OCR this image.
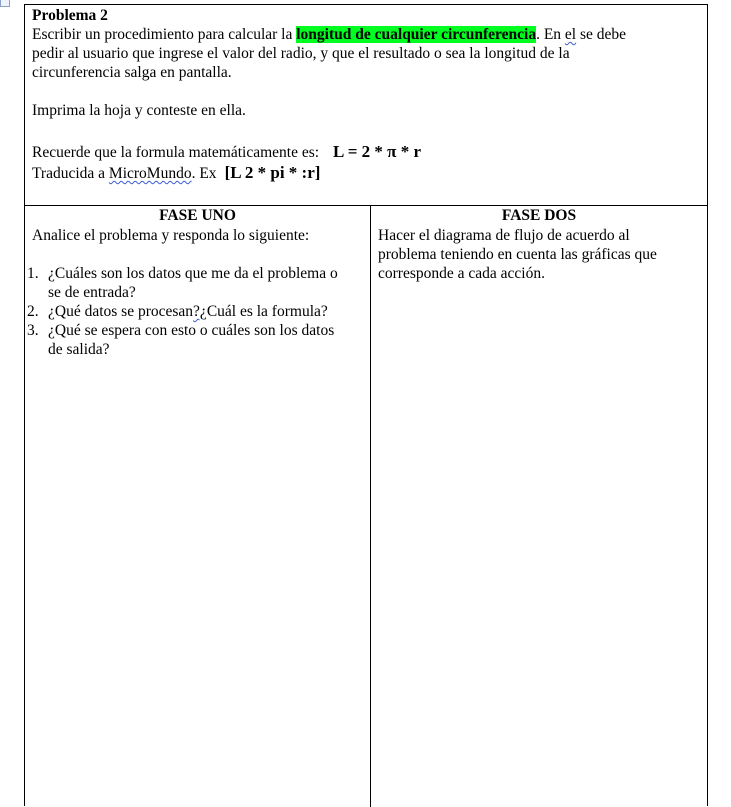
Problema 2
Escribir un procedimiento para calcular la longitud de cualquier circunferencia. En el se debe
pedir al usuario que ingrese el valor del radio, y que el resultado o sea la longitud de la
circunferencia salga en pantalla.
Imprima la hoja y conteste en ella.
Recuerde que la formula matemáticamente es: L = 2 * π * r
Traducida a MicroMundo. Ex [L 2 * pi * :r]
FASE UNO
Analice el problema y responda lo siguiente:
1. ¿Cuáles son los datos que me da el problema o
se de entrada?
2. ¿Qué datos se procesan?¿Cuál es la formula?
3. ¿Qué se espera con esto o cuáles son los datos
de salida?
FASE DOS
Hacer el diagrama de flujo de acuerdo al
problema teniendo en cuenta las gráficas que
corresponde a cada acción.
